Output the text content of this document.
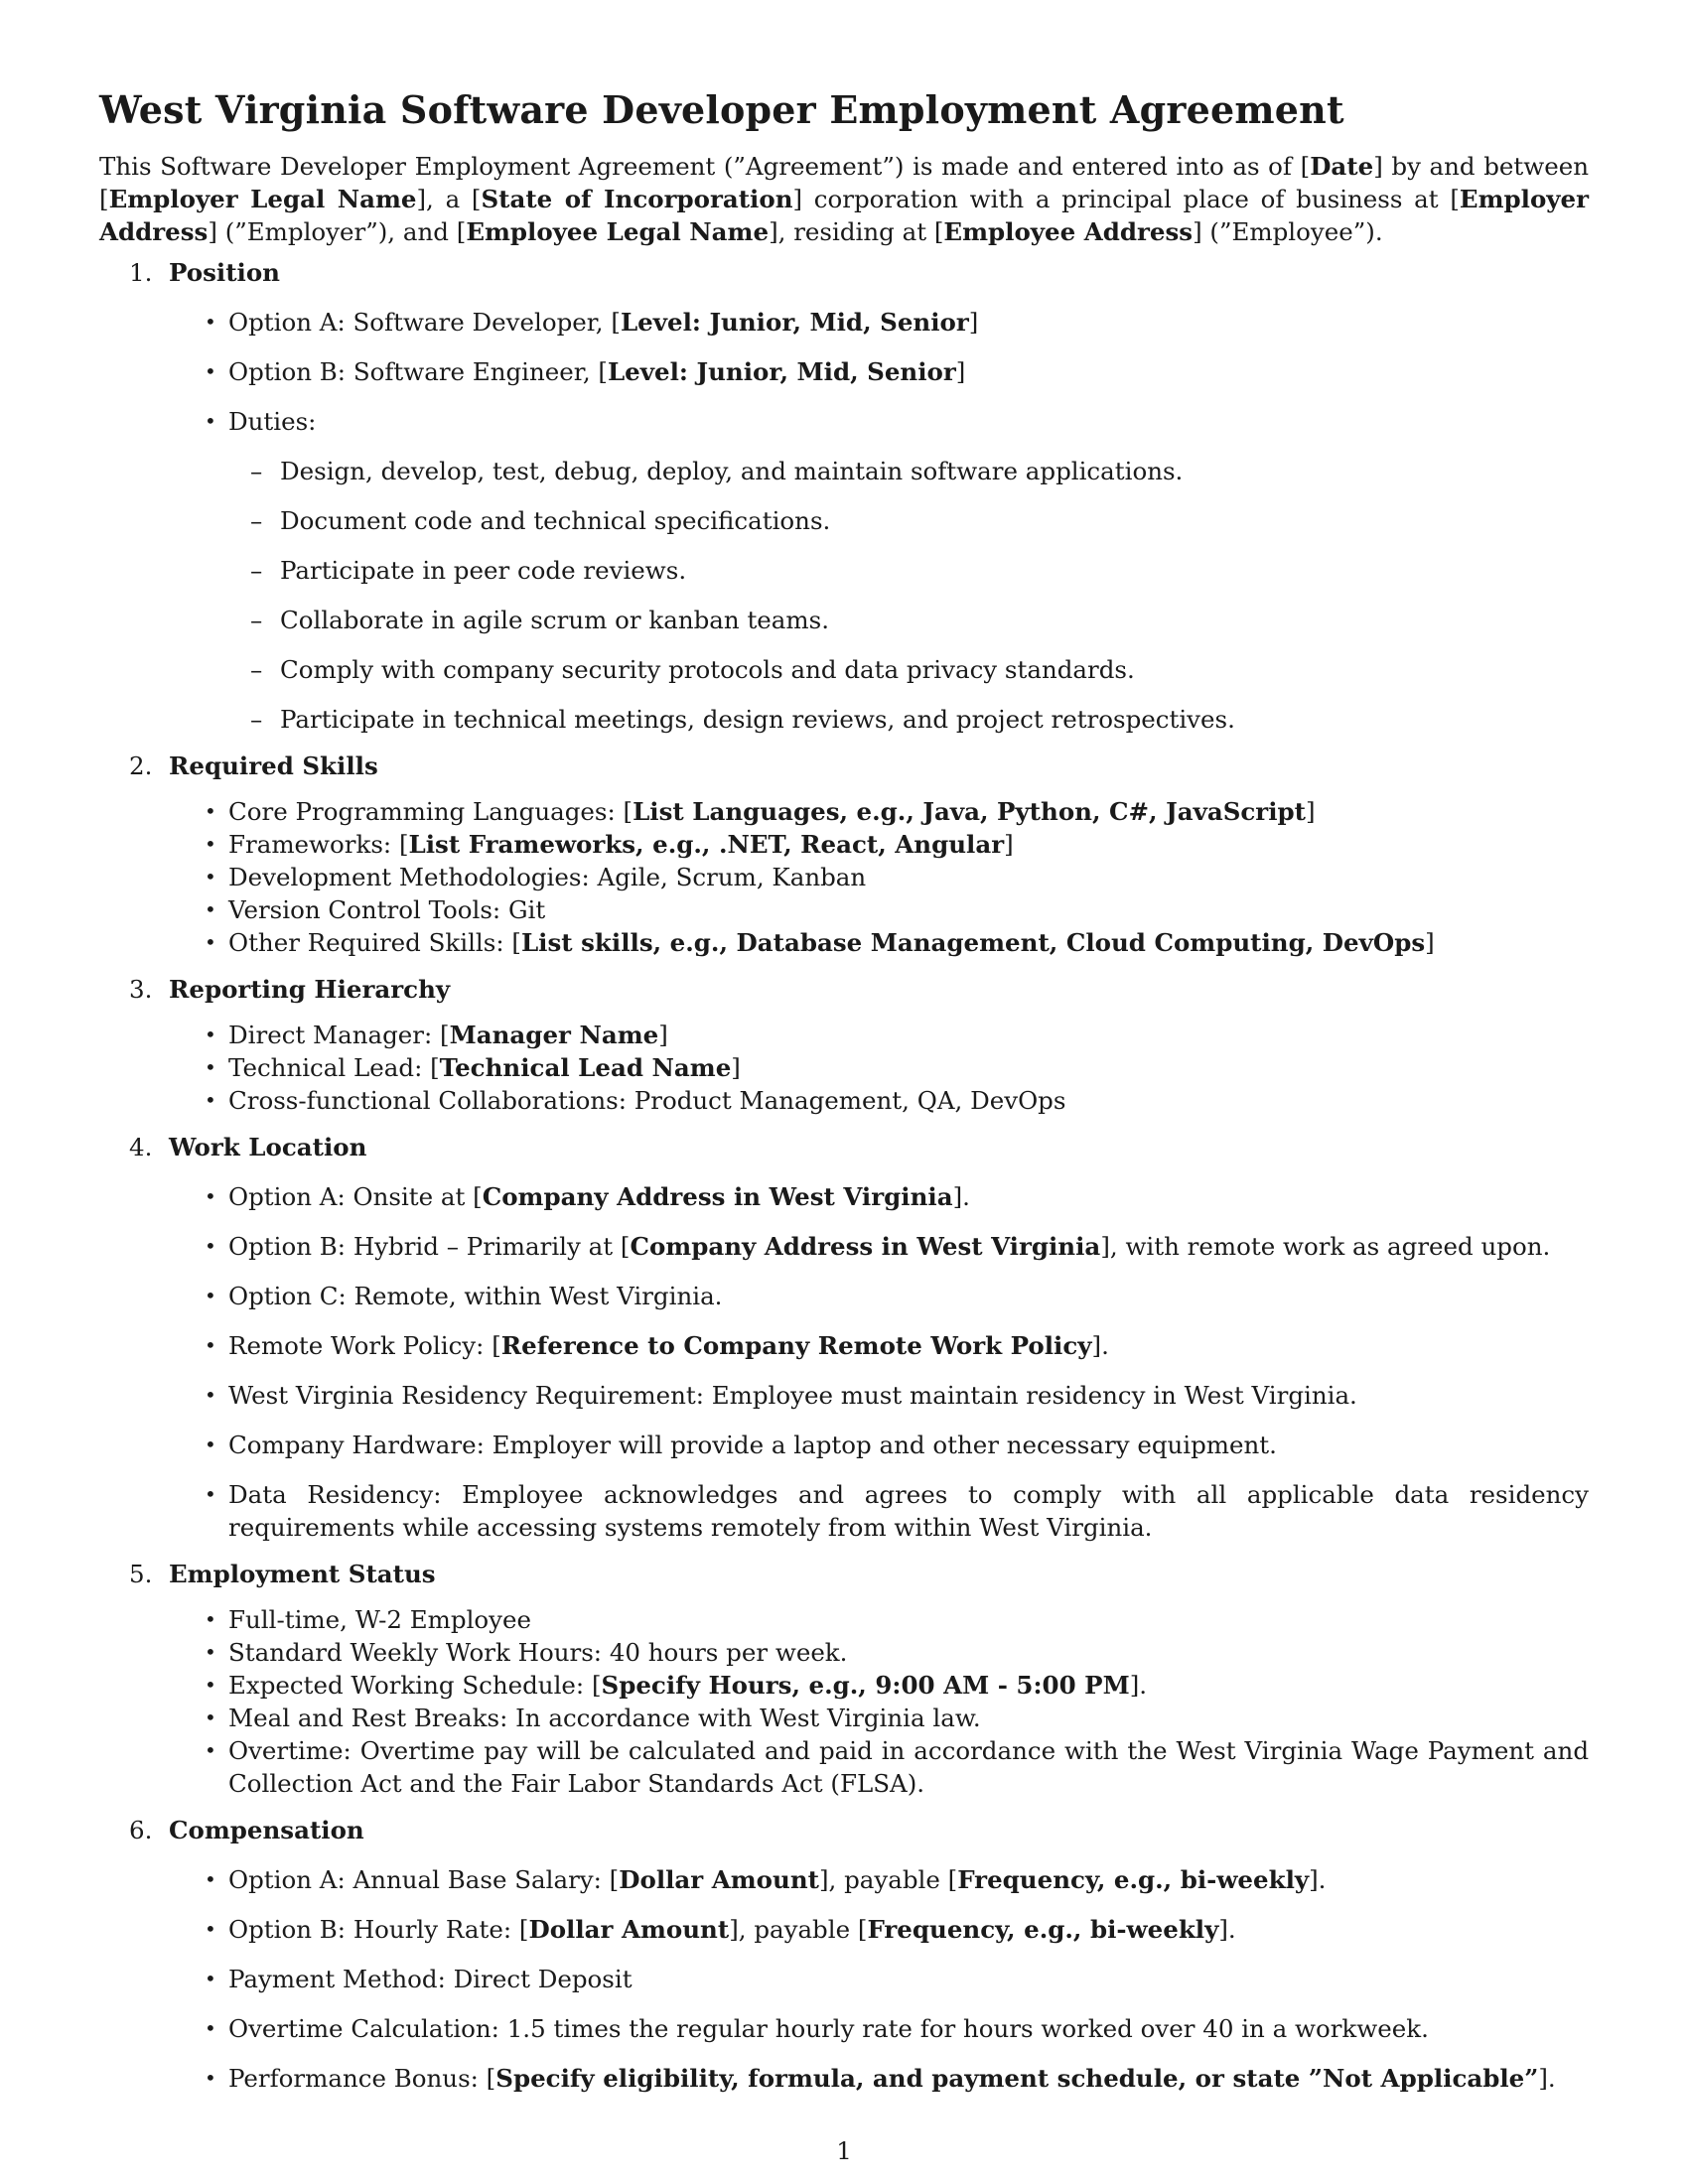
West Virginia Software Developer Employment Agreement

This Software Developer Employment Agreement (”Agreement”) is made and entered into as of [Date] by and between [Employer Legal Name], a [State of Incorporation] corporation with a principal place of business at [Employer Address] (”Employer”), and [Employee Legal Name], residing at [Employee Address] (”Employee”).

1. Position
• Option A: Software Developer, [Level: Junior, Mid, Senior]
• Option B: Software Engineer, [Level: Junior, Mid, Senior]
• Duties:
– Design, develop, test, debug, deploy, and maintain software applications.
– Document code and technical specifications.
– Participate in peer code reviews.
– Collaborate in agile scrum or kanban teams.
– Comply with company security protocols and data privacy standards.
– Participate in technical meetings, design reviews, and project retrospectives.
2. Required Skills
• Core Programming Languages: [List Languages, e.g., Java, Python, C#, JavaScript]
• Frameworks: [List Frameworks, e.g., .NET, React, Angular]
• Development Methodologies: Agile, Scrum, Kanban
• Version Control Tools: Git
• Other Required Skills: [List skills, e.g., Database Management, Cloud Computing, DevOps]
3. Reporting Hierarchy
• Direct Manager: [Manager Name]
• Technical Lead: [Technical Lead Name]
• Cross-functional Collaborations: Product Management, QA, DevOps
4. Work Location
• Option A: Onsite at [Company Address in West Virginia].
• Option B: Hybrid – Primarily at [Company Address in West Virginia], with remote work as agreed upon.
• Option C: Remote, within West Virginia.
• Remote Work Policy: [Reference to Company Remote Work Policy].
• West Virginia Residency Requirement: Employee must maintain residency in West Virginia.
• Company Hardware: Employer will provide a laptop and other necessary equipment.
• Data Residency: Employee acknowledges and agrees to comply with all applicable data residency requirements while accessing systems remotely from within West Virginia.
5. Employment Status
• Full-time, W-2 Employee
• Standard Weekly Work Hours: 40 hours per week.
• Expected Working Schedule: [Specify Hours, e.g., 9:00 AM - 5:00 PM].
• Meal and Rest Breaks: In accordance with West Virginia law.
• Overtime: Overtime pay will be calculated and paid in accordance with the West Virginia Wage Payment and Collection Act and the Fair Labor Standards Act (FLSA).
6. Compensation
• Option A: Annual Base Salary: [Dollar Amount], payable [Frequency, e.g., bi-weekly].
• Option B: Hourly Rate: [Dollar Amount], payable [Frequency, e.g., bi-weekly].
• Payment Method: Direct Deposit
• Overtime Calculation: 1.5 times the regular hourly rate for hours worked over 40 in a workweek.
• Performance Bonus: [Specify eligibility, formula, and payment schedule, or state ”Not Applicable”].
1
